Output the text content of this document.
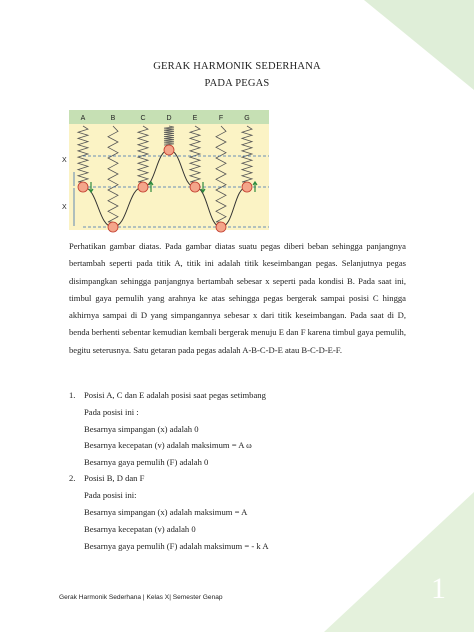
GERAK HARMONIK SEDERHANA
PADA PEGAS
A	B	C	D	E	F	G
X
X
Perhatikan gambar diatas. Pada gambar diatas suatu pegas diberi beban sehingga panjangnya bertambah seperti pada titik A, titik ini adalah titik keseimbangan pegas. Selanjutnya pegas disimpangkan sehingga panjangnya bertambah sebesar x seperti pada kondisi B. Pada saat ini, timbul gaya pemulih yang arahnya ke atas sehingga pegas bergerak sampai posisi C hingga akhirnya sampai di D yang simpangannya sebesar x dari titik keseimbangan. Pada saat di D, benda berhenti sebentar kemudian kembali bergerak menuju E dan F karena timbul gaya pemulih, begitu seterusnya. Satu getaran pada pegas adalah A-B-C-D-E atau B-C-D-E-F.
1. Posisi A, C dan E adalah posisi saat pegas setimbang
Pada posisi ini :
Besarnya simpangan (x) adalah 0
Besarnya kecepatan (v) adalah maksimum = A ω
Besarnya gaya pemulih (F) adalah 0
2. Posisi B, D dan F
Pada posisi ini:
Besarnya simpangan (x) adalah maksimum = A
Besarnya kecepatan (v) adalah 0
Besarnya gaya pemulih (F) adalah maksimum = - k A
Gerak Harmonik Sederhana | Kelas X| Semester Genap	1
